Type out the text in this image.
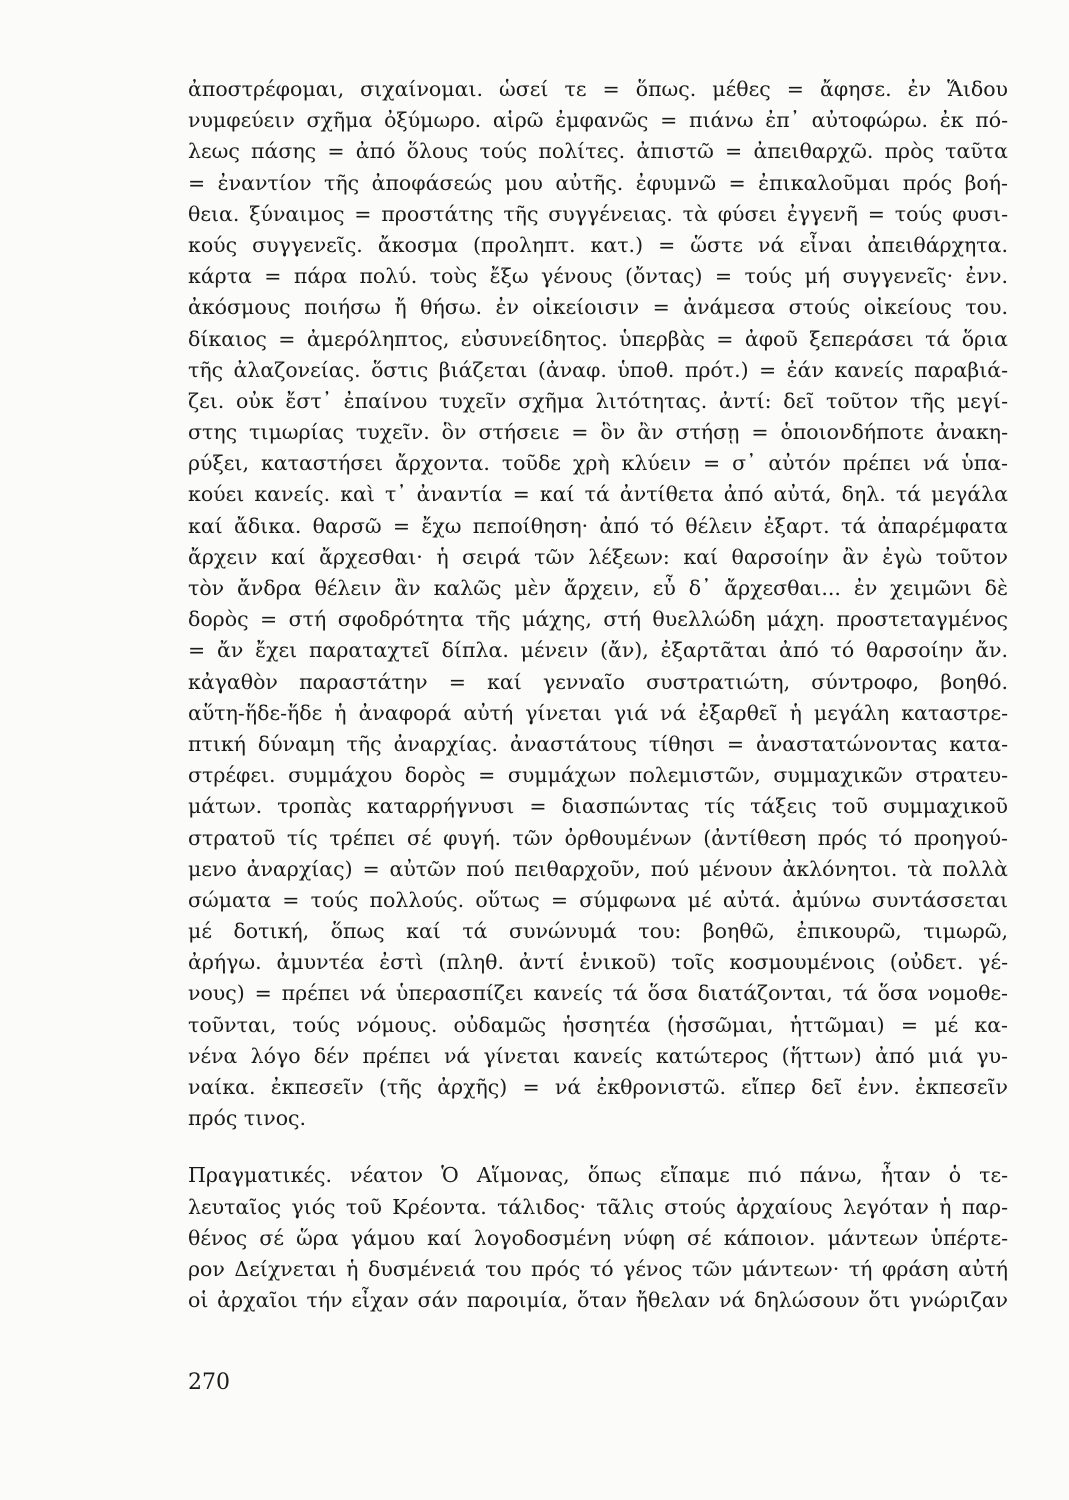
ἀποστρέφομαι, σιχαίνομαι. ὡσεί τε = ὅπως. μέθες = ἄφησε. ἐν Ἅιδου
νυμφεύειν σχῆμα ὀξύμωρο. αἱρῶ ἐμφανῶς = πιάνω ἐπ᾽ αὐτοφώρω. ἐκ πό-
λεως πάσης = ἀπό ὅλους τούς πολίτες. ἀπιστῶ = ἀπειθαρχῶ. πρὸς ταῦτα
= ἐναντίον τῆς ἀποφάσεώς μου αὐτῆς. ἐφυμνῶ = ἐπικαλοῦμαι πρός βοή-
θεια. ξύναιμος = προστάτης τῆς συγγένειας. τὰ φύσει ἐγγενῆ = τούς φυσι-
κούς συγγενεῖς. ἄκοσμα (προληπτ. κατ.) = ὥστε νά εἶναι ἀπειθάρχητα.
κάρτα = πάρα πολύ. τοὺς ἔξω γένους (ὄντας) = τούς μή συγγενεῖς· ἐνν.
ἀκόσμους ποιήσω ἤ θήσω. ἐν οἰκείοισιν = ἀνάμεσα στούς οἰκείους του.
δίκαιος = ἀμερόληπτος, εὐσυνείδητος. ὑπερβὰς = ἀφοῦ ξεπεράσει τά ὅρια
τῆς ἀλαζονείας. ὅστις βιάζεται (ἀναφ. ὑποθ. πρότ.) = ἐάν κανείς παραβιά-
ζει. οὐκ ἔστ᾽ ἐπαίνου τυχεῖν σχῆμα λιτότητας. ἀντί: δεῖ τοῦτον τῆς μεγί-
στης τιμωρίας τυχεῖν. ὃν στήσειε = ὃν ἂν στήσῃ = ὁποιονδήποτε ἀνακη-
ρύξει, καταστήσει ἄρχοντα. τοῦδε χρὴ κλύειν = σ᾽ αὐτόν πρέπει νά ὑπα-
κούει κανείς. καὶ τ᾽ ἀναντία = καί τά ἀντίθετα ἀπό αὐτά, δηλ. τά μεγάλα
καί ἄδικα. θαρσῶ = ἔχω πεποίθηση· ἀπό τό θέλειν ἐξαρτ. τά ἀπαρέμφατα
ἄρχειν καί ἄρχεσθαι· ἡ σειρά τῶν λέξεων: καί θαρσοίην ἂν ἐγὼ τοῦτον
τὸν ἄνδρα θέλειν ἂν καλῶς μὲν ἄρχειν, εὖ δ᾽ ἄρχεσθαι... ἐν χειμῶνι δὲ
δορὸς = στή σφοδρότητα τῆς μάχης, στή θυελλώδη μάχη. προστεταγμένος
= ἄν ἔχει παραταχτεῖ δίπλα. μένειν (ἄν), ἐξαρτᾶται ἀπό τό θαρσοίην ἄν.
κἀγαθὸν παραστάτην = καί γενναῖο συστρατιώτη, σύντροφο, βοηθό.
αὕτη-ἥδε-ἥδε ἡ ἀναφορά αὐτή γίνεται γιά νά ἐξαρθεῖ ἡ μεγάλη καταστρε-
πτική δύναμη τῆς ἀναρχίας. ἀναστάτους τίθησι = ἀναστατώνοντας κατα-
στρέφει. συμμάχου δορὸς = συμμάχων πολεμιστῶν, συμμαχικῶν στρατευ-
μάτων. τροπὰς καταρρήγνυσι = διασπώντας τίς τάξεις τοῦ συμμαχικοῦ
στρατοῦ τίς τρέπει σέ φυγή. τῶν ὀρθουμένων (ἀντίθεση πρός τό προηγού-
μενο ἀναρχίας) = αὐτῶν πού πειθαρχοῦν, πού μένουν ἀκλόνητοι. τὰ πολλὰ
σώματα = τούς πολλούς. οὕτως = σύμφωνα μέ αὐτά. ἀμύνω συντάσσεται
μέ δοτική, ὅπως καί τά συνώνυμά του: βοηθῶ, ἐπικουρῶ, τιμωρῶ,
ἀρήγω. ἀμυντέα ἐστὶ (πληθ. ἀντί ἑνικοῦ) τοῖς κοσμουμένοις (οὐδετ. γέ-
νους) = πρέπει νά ὑπερασπίζει κανείς τά ὅσα διατάζονται, τά ὅσα νομοθε-
τοῦνται, τούς νόμους. οὐδαμῶς ἡσσητέα (ἡσσῶμαι, ἡττῶμαι) = μέ κα-
νένα λόγο δέν πρέπει νά γίνεται κανείς κατώτερος (ἥττων) ἀπό μιά γυ-
ναίκα. ἐκπεσεῖν (τῆς ἀρχῆς) = νά ἐκθρονιστῶ. εἴπερ δεῖ ἐνν. ἐκπεσεῖν
πρός τινος.
Πραγματικές. νέατον Ὁ Αἵμονας, ὅπως εἴπαμε πιό πάνω, ἦταν ὁ τε-
λευταῖος γιός τοῦ Κρέοντα. τάλιδος· τᾶλις στούς ἀρχαίους λεγόταν ἡ παρ-
θένος σέ ὥρα γάμου καί λογοδοσμένη νύφη σέ κάποιον. μάντεων ὑπέρτε-
ρον Δείχνεται ἡ δυσμένειά του πρός τό γένος τῶν μάντεων· τή φράση αὐτή
οἱ ἀρχαῖοι τήν εἶχαν σάν παροιμία, ὅταν ἤθελαν νά δηλώσουν ὅτι γνώριζαν
270
